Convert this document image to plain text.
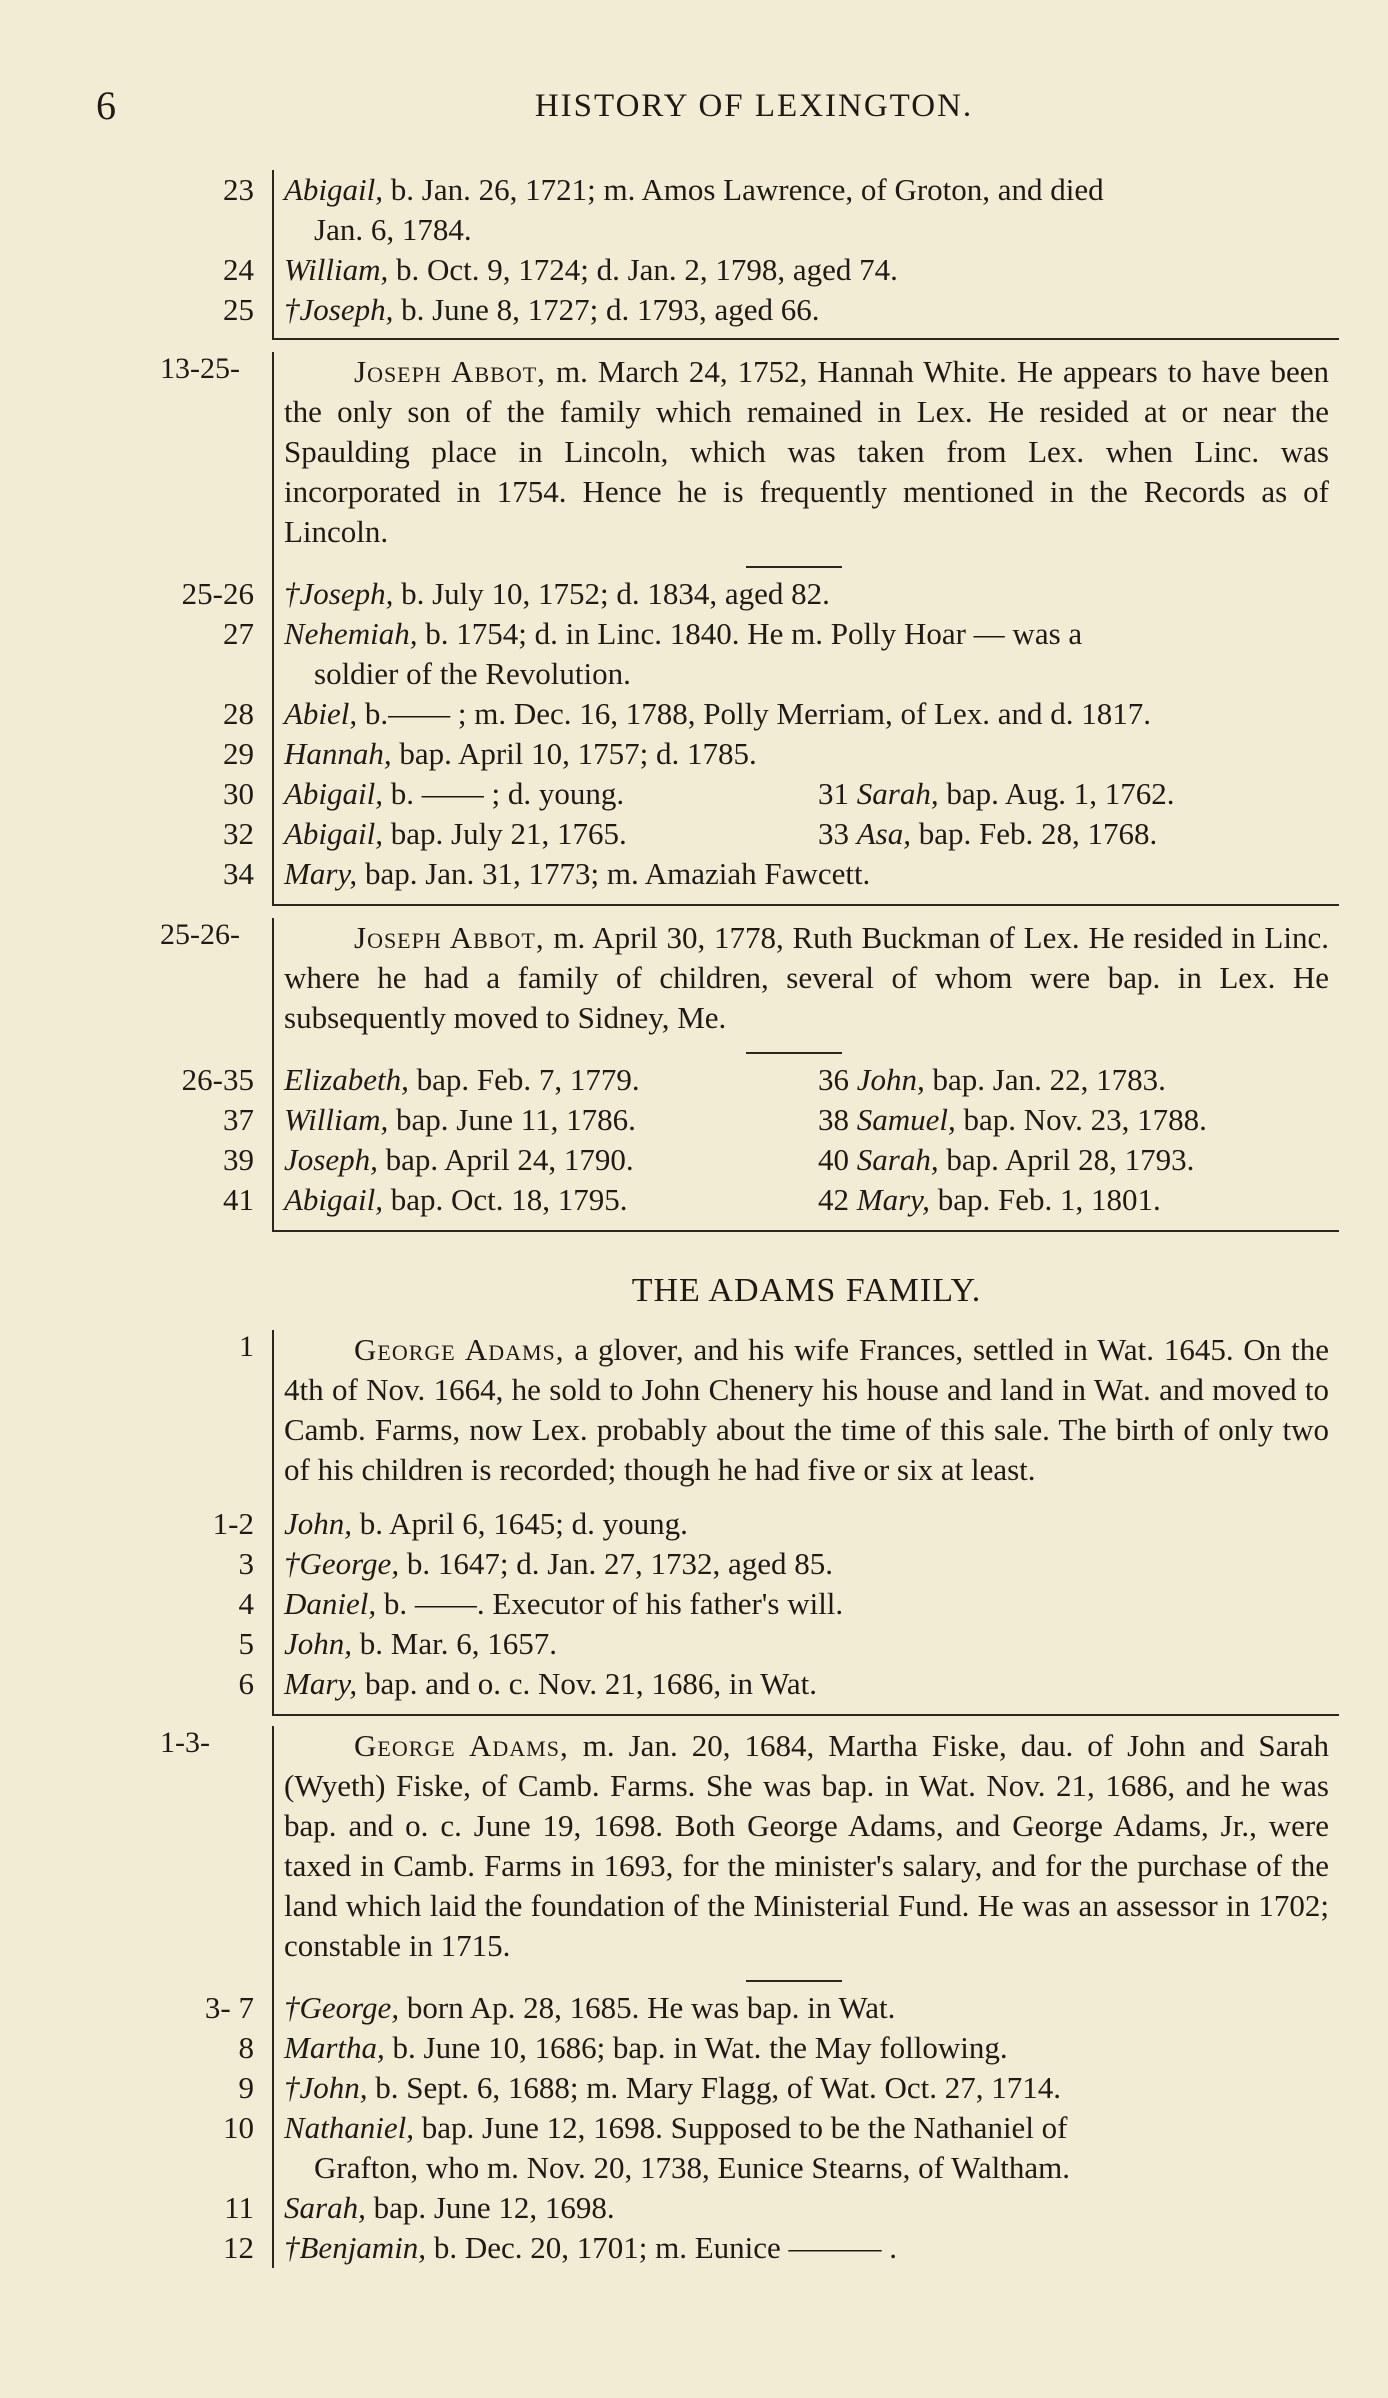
6	HISTORY OF LEXINGTON.
23 Abigail, b. Jan. 26, 1721; m. Amos Lawrence, of Groton, and died
Jan. 6, 1784.
24 William, b. Oct. 9, 1724; d. Jan. 2, 1798, aged 74.
25 †Joseph, b. June 8, 1727; d. 1793, aged 66.
13-25-	Joseph Abbot, m. March 24, 1752, Hannah White. He appears to have been the only son of the family which remained in Lex. He resided at or near the Spaulding place in Lincoln, which was taken from Lex. when Linc. was incorporated in 1754. Hence he is frequently mentioned in the Records as of Lincoln.
25-26 †Joseph, b. July 10, 1752; d. 1834, aged 82.
27 Nehemiah, b. 1754; d. in Linc. 1840. He m. Polly Hoar — was a
soldier of the Revolution.
28 Abiel, b.—— ; m. Dec. 16, 1788, Polly Merriam, of Lex. and d. 1817.
29 Hannah, bap. April 10, 1757; d. 1785.
30 Abigail, b. —— ; d. young.	31 Sarah, bap. Aug. 1, 1762.
32 Abigail, bap. July 21, 1765.	33 Asa, bap. Feb. 28, 1768.
34 Mary, bap. Jan. 31, 1773; m. Amaziah Fawcett.
25-26-	Joseph Abbot, m. April 30, 1778, Ruth Buckman of Lex. He resided in Linc. where he had a family of children, several of whom were bap. in Lex. He subsequently moved to Sidney, Me.
26-35 Elizabeth, bap. Feb. 7, 1779.	36 John, bap. Jan. 22, 1783.
37 William, bap. June 11, 1786.	38 Samuel, bap. Nov. 23, 1788.
39 Joseph, bap. April 24, 1790.	40 Sarah, bap. April 28, 1793.
41 Abigail, bap. Oct. 18, 1795.	42 Mary, bap. Feb. 1, 1801.
THE ADAMS FAMILY.
1	George Adams, a glover, and his wife Frances, settled in Wat. 1645. On the 4th of Nov. 1664, he sold to John Chenery his house and land in Wat. and moved to Camb. Farms, now Lex. probably about the time of this sale. The birth of only two of his children is recorded; though he had five or six at least.
1-2 John, b. April 6, 1645; d. young.
3 †George, b. 1647; d. Jan. 27, 1732, aged 85.
4 Daniel, b. ——. Executor of his father's will.
5 John, b. Mar. 6, 1657.
6 Mary, bap. and o. c. Nov. 21, 1686, in Wat.
1-3-	George Adams, m. Jan. 20, 1684, Martha Fiske, dau. of John and Sarah (Wyeth) Fiske, of Camb. Farms. She was bap. in Wat. Nov. 21, 1686, and he was bap. and o. c. June 19, 1698. Both George Adams, and George Adams, Jr., were taxed in Camb. Farms in 1693, for the minister's salary, and for the purchase of the land which laid the foundation of the Ministerial Fund. He was an assessor in 1702; constable in 1715.
3- 7 †George, born Ap. 28, 1685. He was bap. in Wat.
8 Martha, b. June 10, 1686; bap. in Wat. the May following.
9 †John, b. Sept. 6, 1688; m. Mary Flagg, of Wat. Oct. 27, 1714.
10 Nathaniel, bap. June 12, 1698. Supposed to be the Nathaniel of
Grafton, who m. Nov. 20, 1738, Eunice Stearns, of Waltham.
11 Sarah, bap. June 12, 1698.
12 †Benjamin, b. Dec. 20, 1701; m. Eunice ——— .
